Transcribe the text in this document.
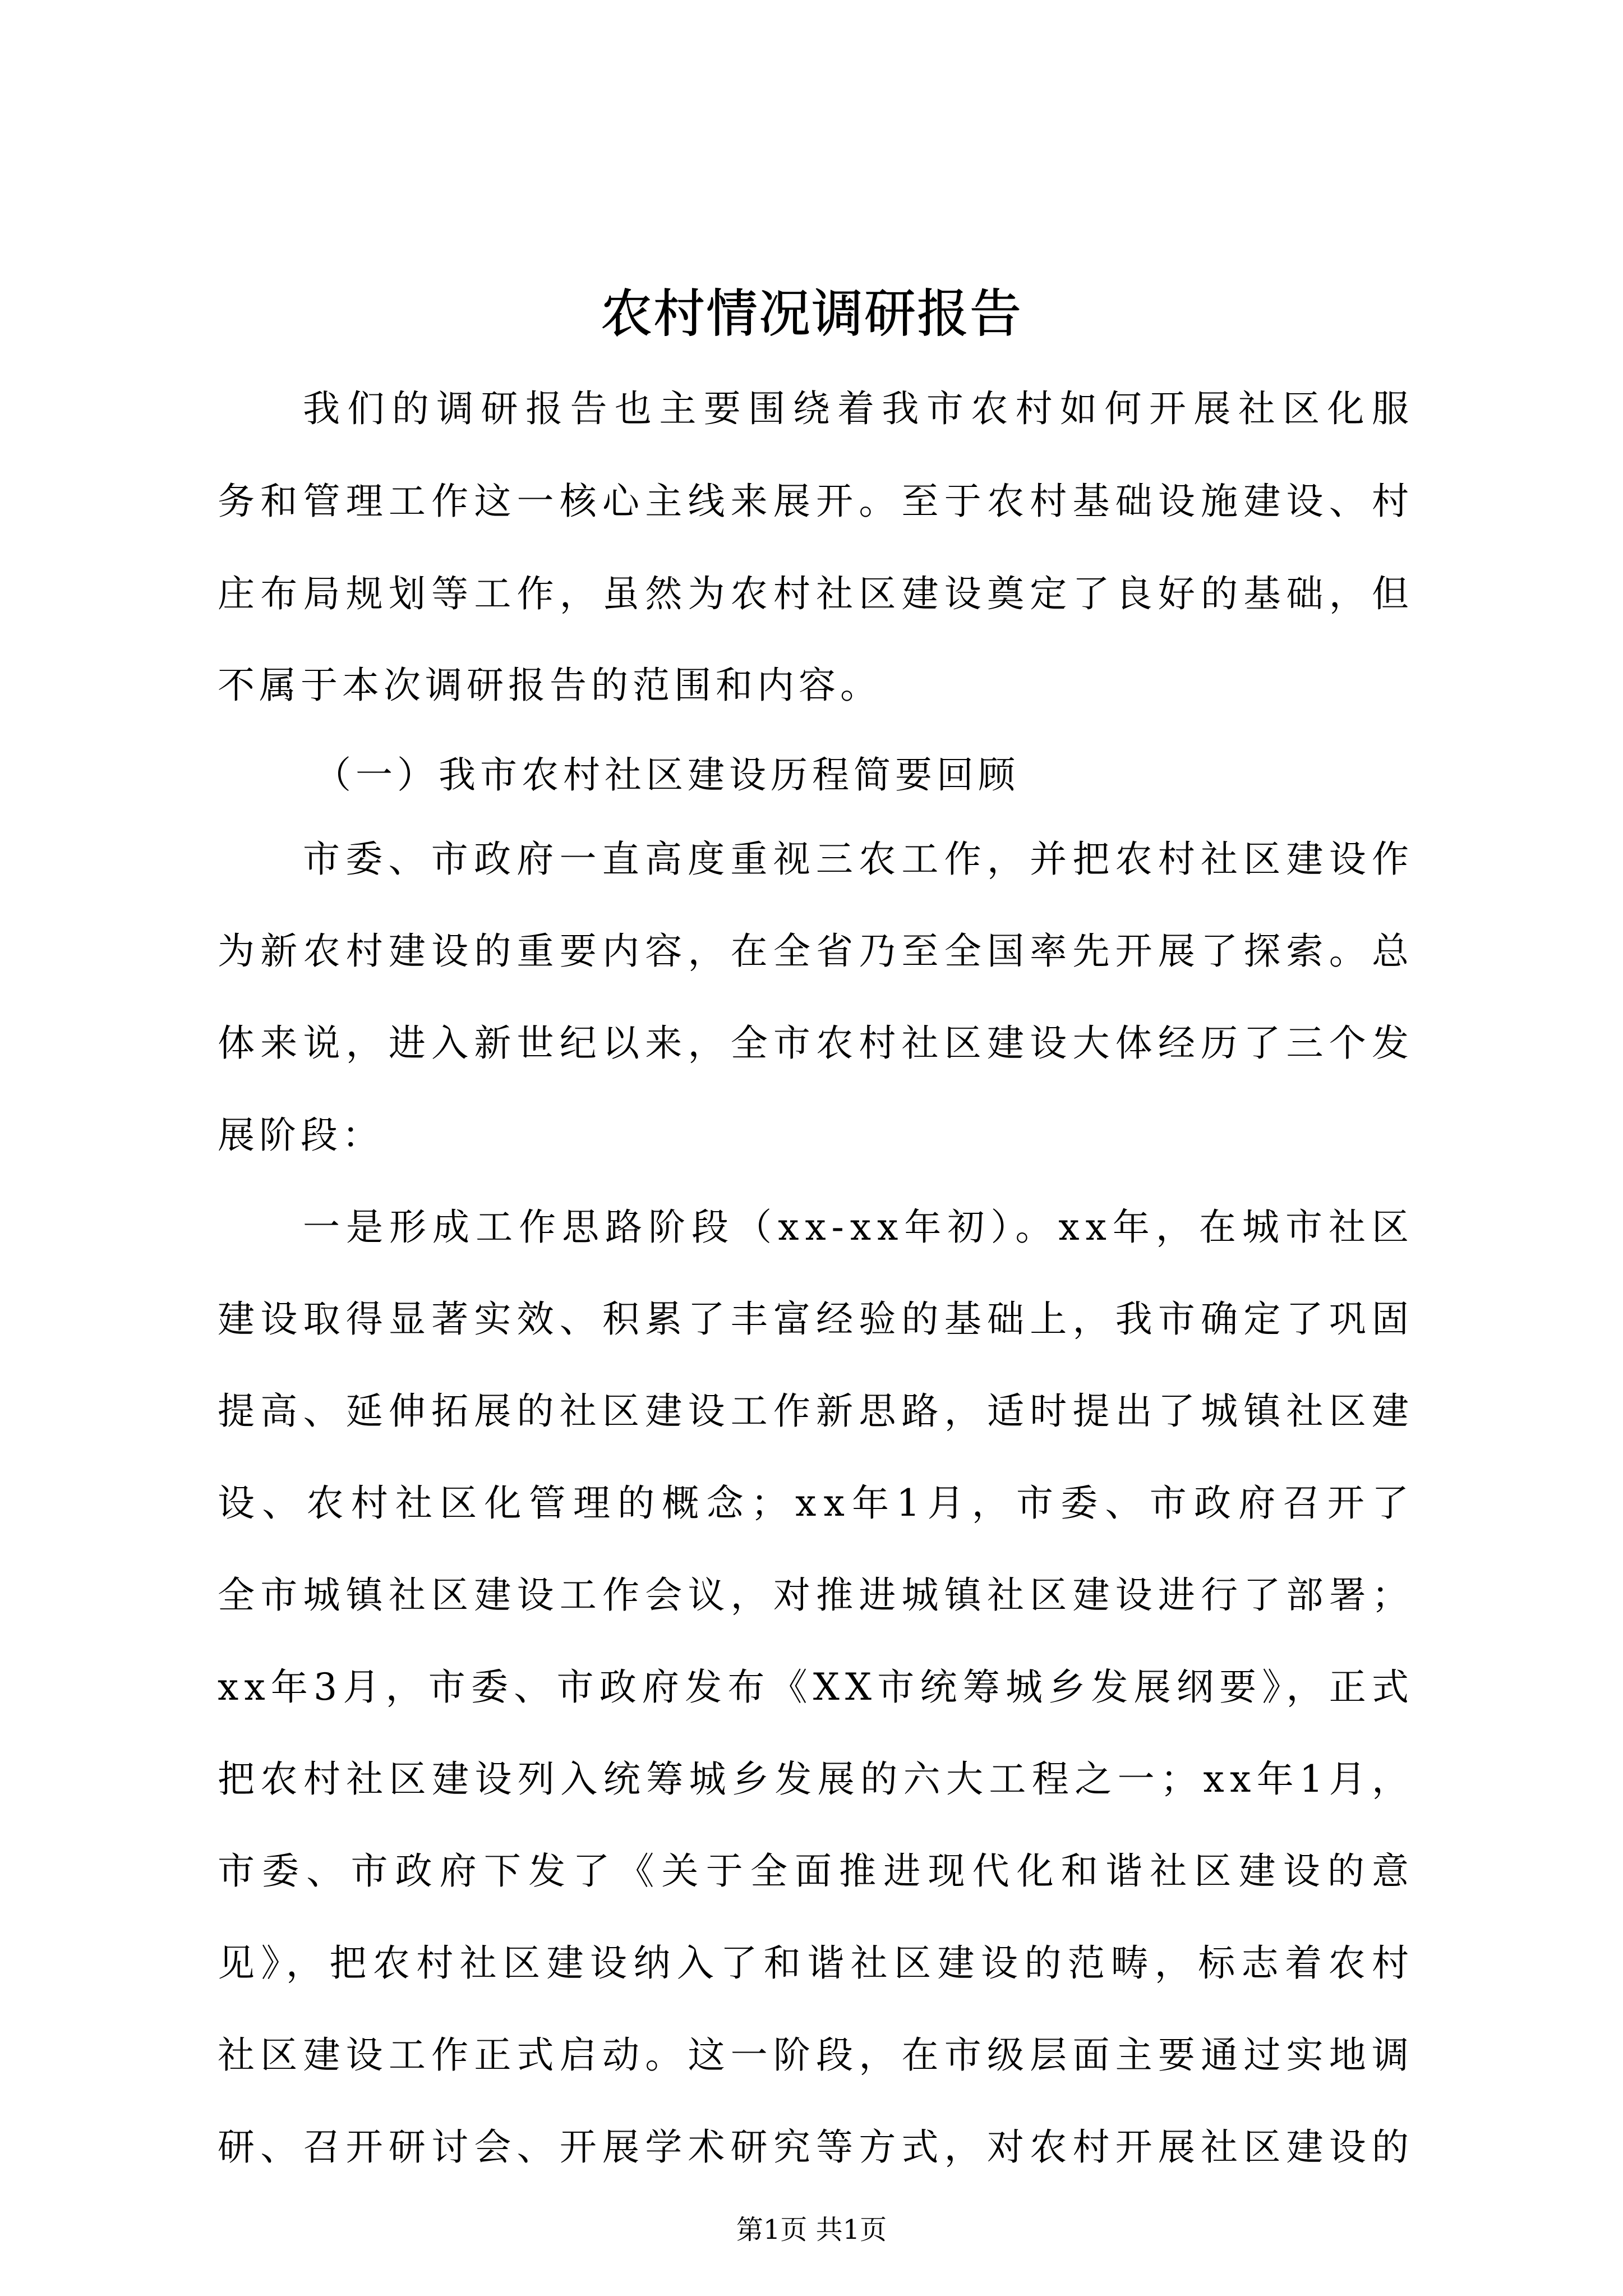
农村情况调研报告
我们的调研报告也主要围绕着我市农村如何开展社区化服
务和管理工作这一核心主线来展开。至于农村基础设施建设、村
庄布局规划等工作，虽然为农村社区建设奠定了良好的基础，但
不属于本次调研报告的范围和内容。
（一）我市农村社区建设历程简要回顾
市委、市政府一直高度重视三农工作，并把农村社区建设作
为新农村建设的重要内容，在全省乃至全国率先开展了探索。总
体来说，进入新世纪以来，全市农村社区建设大体经历了三个发
展阶段：
一是形成工作思路阶段（xx-xx年初）。xx年，在城市社区
建设取得显著实效、积累了丰富经验的基础上，我市确定了巩固
提高、延伸拓展的社区建设工作新思路，适时提出了城镇社区建
设、农村社区化管理的概念；xx年1月，市委、市政府召开了
全市城镇社区建设工作会议，对推进城镇社区建设进行了部署；
xx年3月，市委、市政府发布《XX市统筹城乡发展纲要》，正式
把农村社区建设列入统筹城乡发展的六大工程之一；xx年1月，
市委、市政府下发了《关于全面推进现代化和谐社区建设的意
见》，把农村社区建设纳入了和谐社区建设的范畴，标志着农村
社区建设工作正式启动。这一阶段，在市级层面主要通过实地调
研、召开研讨会、开展学术研究等方式，对农村开展社区建设的
第1页 共1页
